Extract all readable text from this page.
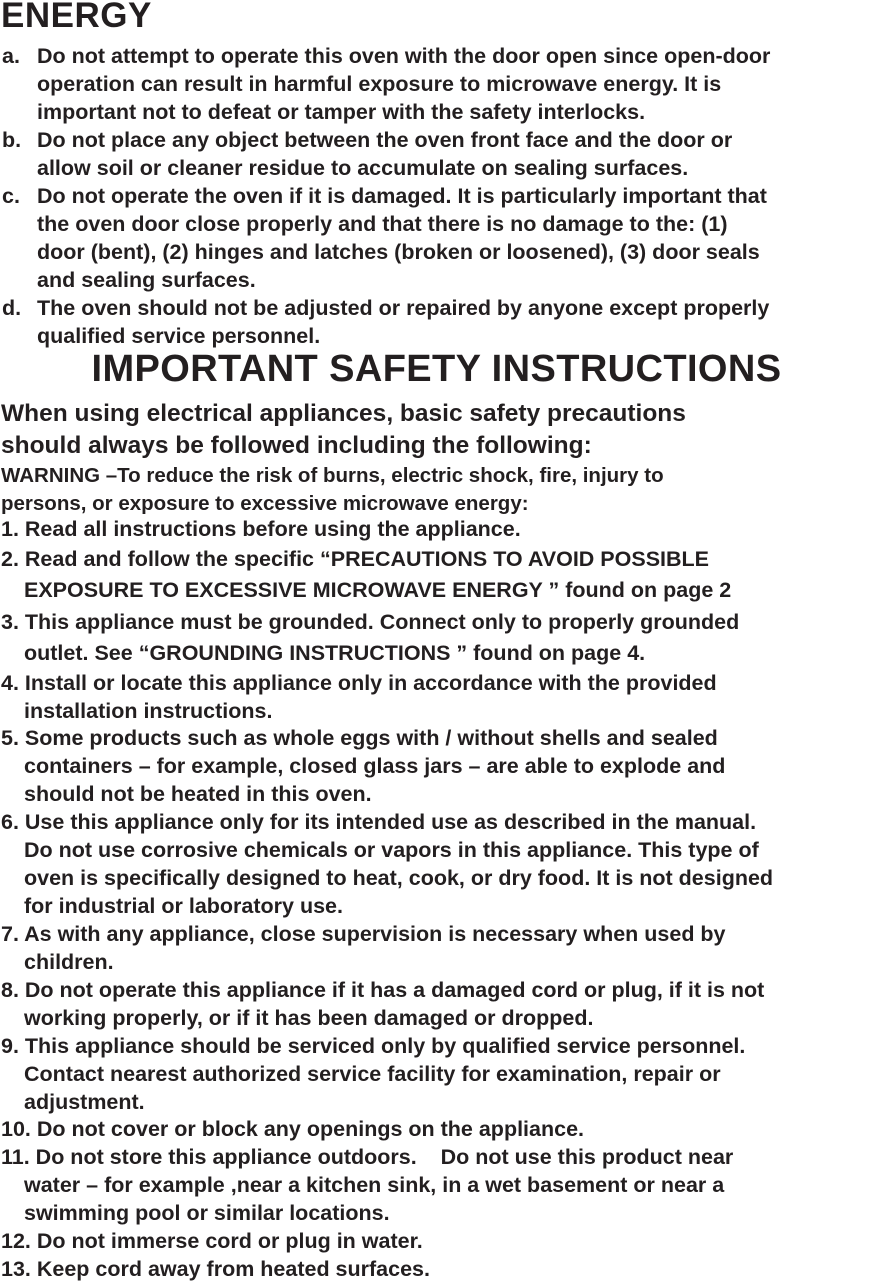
ENERGY
a. Do not attempt to operate this oven with the door open since open-door
operation can result in harmful exposure to microwave energy. It is
important not to defeat or tamper with the safety interlocks.
b. Do not place any object between the oven front face and the door or
allow soil or cleaner residue to accumulate on sealing surfaces.
c. Do not operate the oven if it is damaged. It is particularly important that
the oven door close properly and that there is no damage to the: (1)
door (bent), (2) hinges and latches (broken or loosened), (3) door seals
and sealing surfaces.
d. The oven should not be adjusted or repaired by anyone except properly
qualified service personnel.
IMPORTANT SAFETY INSTRUCTIONS
When using electrical appliances, basic safety precautions
should always be followed including the following:
WARNING –To reduce the risk of burns, electric shock, fire, injury to
persons, or exposure to excessive microwave energy:
1. Read all instructions before using the appliance.
2. Read and follow the specific “PRECAUTIONS TO AVOID POSSIBLE
EXPOSURE TO EXCESSIVE MICROWAVE ENERGY ” found on page 2
3. This appliance must be grounded. Connect only to properly grounded
outlet. See “GROUNDING INSTRUCTIONS ” found on page 4.
4. Install or locate this appliance only in accordance with the provided
installation instructions.
5. Some products such as whole eggs with / without shells and sealed
containers – for example, closed glass jars – are able to explode and
should not be heated in this oven.
6. Use this appliance only for its intended use as described in the manual.
Do not use corrosive chemicals or vapors in this appliance. This type of
oven is specifically designed to heat, cook, or dry food. It is not designed
for industrial or laboratory use.
7. As with any appliance, close supervision is necessary when used by
children.
8. Do not operate this appliance if it has a damaged cord or plug, if it is not
working properly, or if it has been damaged or dropped.
9. This appliance should be serviced only by qualified service personnel.
Contact nearest authorized service facility for examination, repair or
adjustment.
10. Do not cover or block any openings on the appliance.
11. Do not store this appliance outdoors.    Do not use this product near
water – for example ,near a kitchen sink, in a wet basement or near a
swimming pool or similar locations.
12. Do not immerse cord or plug in water.
13. Keep cord away from heated surfaces.
